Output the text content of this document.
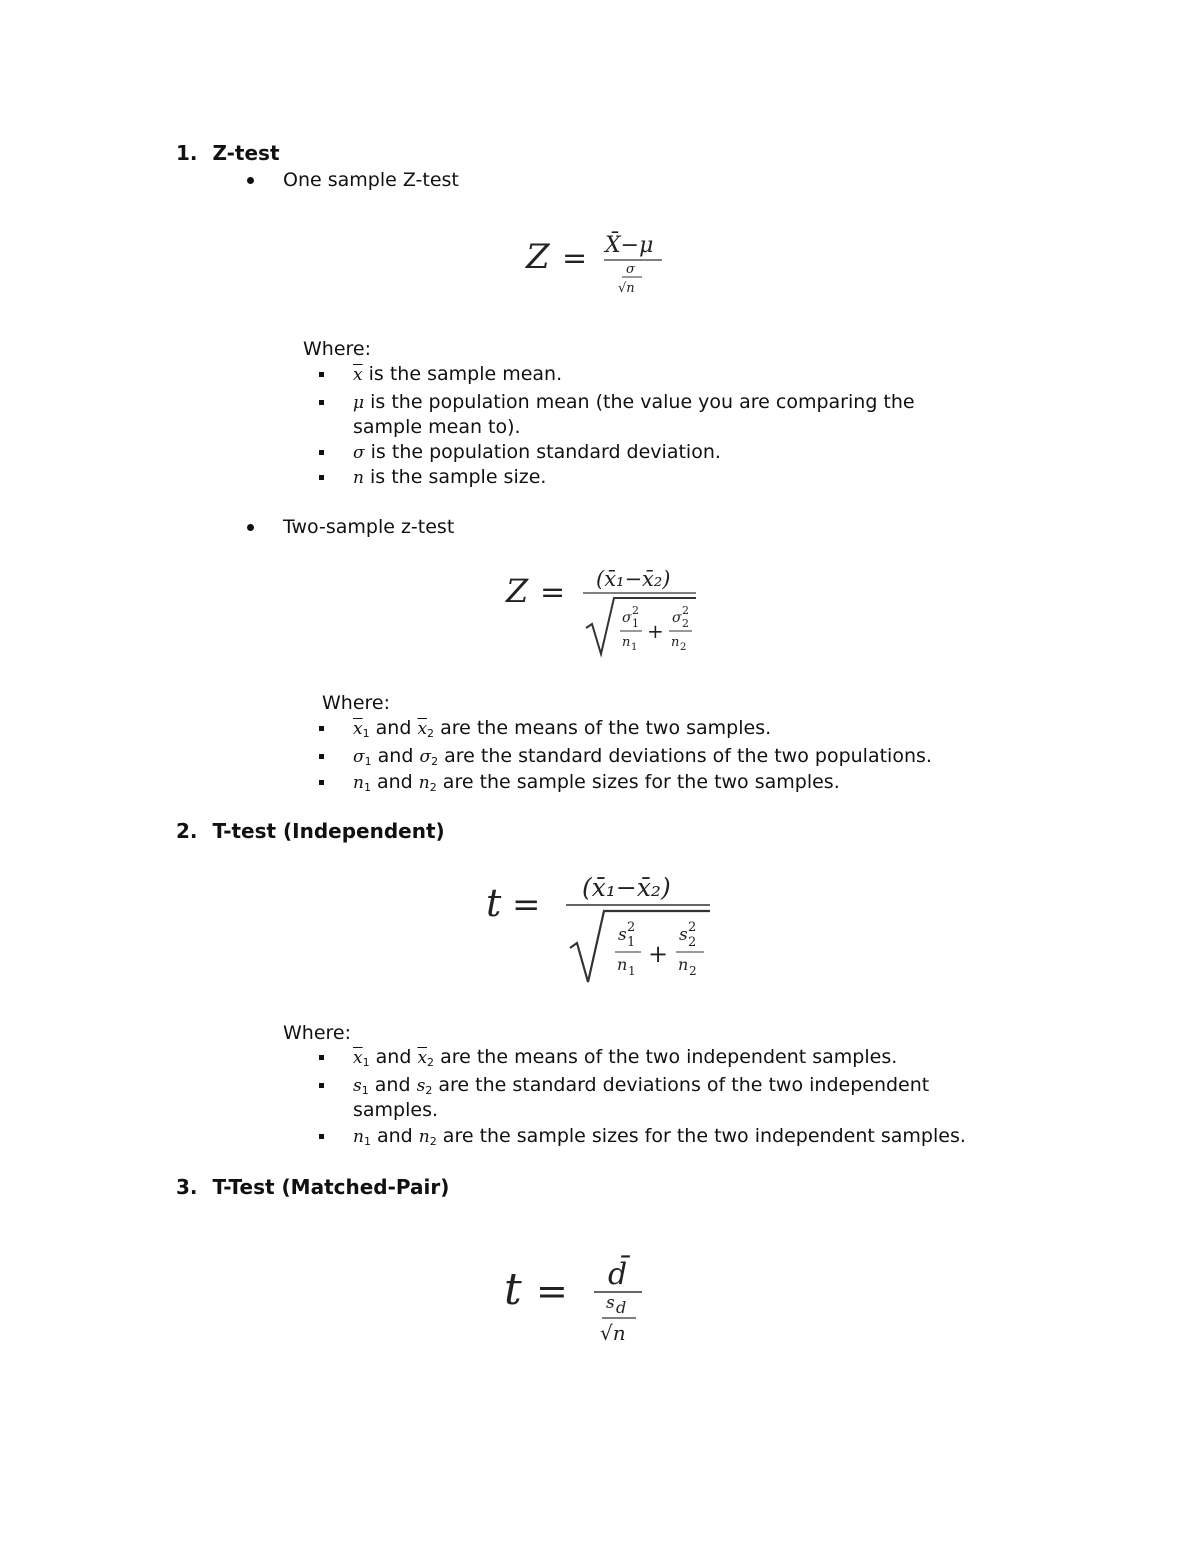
1. Z-test
One sample Z-test
Z = X̄−μ
σ
√n
Where:
$\overline{x}$ is the sample mean.
μ is the population mean (the value you are comparing the
sample mean to).
σ is the population standard deviation.
n is the sample size.
Two-sample z-test
Z = (x̄₁−x̄₂)
σ 2
1
n 1
+
σ 2
2
n 2
Where:
$\overline{x}_1$ and $\overline{x}_2$ are the means of the two samples.
$\sigma_1$ and $\sigma_2$ are the standard deviations of the two populations.
$n_1$ and $n_2$ are the sample sizes for the two samples.
2. T-test (Independent)
t = (x̄₁−x̄₂)
s 2
1
n 1
+
s 2
2
n 2
Where:
$\overline{x}_1$ and $\overline{x}_2$ are the means of the two independent samples.
$s_1$ and $s_2$ are the standard deviations of the two independent
samples.
$n_1$ and $n_2$ are the sample sizes for the two independent samples.
3. T-Test (Matched-Pair)
t = d̄
s d
√n
